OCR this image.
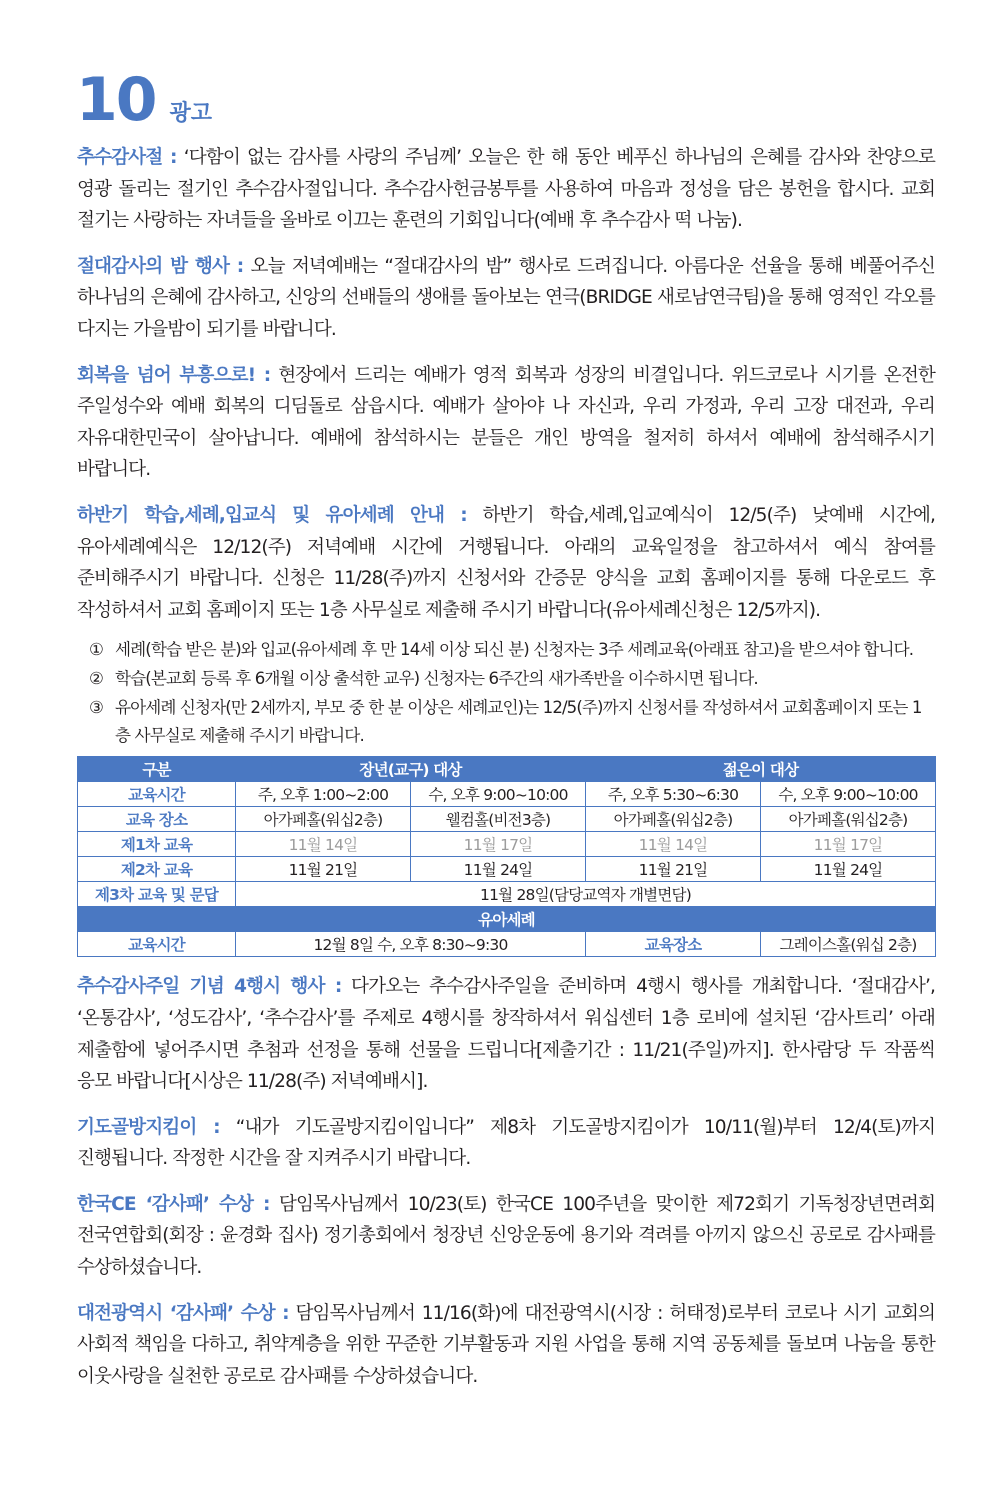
10 광고

추수감사절 : ‘다함이 없는 감사를 사랑의 주님께’ 오늘은 한 해 동안 베푸신 하나님의 은혜를 감사와 찬양으로 영광 돌리는 절기인 추수감사절입니다. 추수감사헌금봉투를 사용하여 마음과 정성을 담은 봉헌을 합시다. 교회 절기는 사랑하는 자녀들을 올바로 이끄는 훈련의 기회입니다(예배 후 추수감사 떡 나눔).

절대감사의 밤 행사 : 오늘 저녁예배는 “절대감사의 밤” 행사로 드려집니다. 아름다운 선율을 통해 베풀어주신 하나님의 은혜에 감사하고, 신앙의 선배들의 생애를 돌아보는 연극(BRIDGE 새로남연극팀)을 통해 영적인 각오를 다지는 가을밤이 되기를 바랍니다.

회복을 넘어 부흥으로! : 현장에서 드리는 예배가 영적 회복과 성장의 비결입니다. 위드코로나 시기를 온전한 주일성수와 예배 회복의 디딤돌로 삼읍시다. 예배가 살아야 나 자신과, 우리 가정과, 우리 고장 대전과, 우리 자유대한민국이 살아납니다. 예배에 참석하시는 분들은 개인 방역을 철저히 하셔서 예배에 참석해주시기 바랍니다.

하반기 학습,세례,입교식 및 유아세례 안내 : 하반기 학습,세례,입교예식이 12/5(주) 낮예배 시간에, 유아세례예식은 12/12(주) 저녁예배 시간에 거행됩니다. 아래의 교육일정을 참고하셔서 예식 참여를 준비해주시기 바랍니다. 신청은 11/28(주)까지 신청서와 간증문 양식을 교회 홈페이지를 통해 다운로드 후 작성하셔서 교회 홈페이지 또는 1층 사무실로 제출해 주시기 바랍니다(유아세례신청은 12/5까지).

① 세례(학습 받은 분)와 입교(유아세례 후 만 14세 이상 되신 분) 신청자는 3주 세례교육(아래표 참고)을 받으셔야 합니다.
② 학습(본교회 등록 후 6개월 이상 출석한 교우) 신청자는 6주간의 새가족반을 이수하시면 됩니다.
③ 유아세례 신청자(만 2세까지, 부모 중 한 분 이상은 세례교인)는 12/5(주)까지 신청서를 작성하셔서 교회홈페이지 또는 1층 사무실로 제출해 주시기 바랍니다.
구분	장년(교구) 대상		젊은이 대상	
교육시간	주, 오후 1:00~2:00	수, 오후 9:00~10:00	주, 오후 5:30~6:30	수, 오후 9:00~10:00
교육 장소	아가페홀(워십2층)	웰컴홀(비전3층)	아가페홀(워십2층)	아가페홀(워십2층)
제1차 교육	11월 14일	11월 17일	11월 14일	11월 17일
제2차 교육	11월 21일	11월 24일	11월 21일	11월 24일
제3차 교육 및 문답	11월 28일(담당교역자 개별면담)			
유아세례				
교육시간	12월 8일 수, 오후 8:30~9:30		교육장소	그레이스홀(워십 2층)

추수감사주일 기념 4행시 행사 : 다가오는 추수감사주일을 준비하며 4행시 행사를 개최합니다. ‘절대감사’, ‘온통감사’, ‘성도감사’, ‘추수감사’를 주제로 4행시를 창작하셔서 워십센터 1층 로비에 설치된 ‘감사트리’ 아래 제출함에 넣어주시면 추첨과 선정을 통해 선물을 드립니다[제출기간 : 11/21(주일)까지]. 한사람당 두 작품씩 응모 바랍니다[시상은 11/28(주) 저녁예배시].

기도골방지킴이 : “내가 기도골방지킴이입니다” 제8차 기도골방지킴이가 10/11(월)부터 12/4(토)까지 진행됩니다. 작정한 시간을 잘 지켜주시기 바랍니다.

한국CE ‘감사패’ 수상 : 담임목사님께서 10/23(토) 한국CE 100주년을 맞이한 제72회기 기독청장년면려회 전국연합회(회장 : 윤경화 집사) 정기총회에서 청장년 신앙운동에 용기와 격려를 아끼지 않으신 공로로 감사패를 수상하셨습니다.

대전광역시 ‘감사패’ 수상 : 담임목사님께서 11/16(화)에 대전광역시(시장 : 허태정)로부터 코로나 시기 교회의 사회적 책임을 다하고, 취약계층을 위한 꾸준한 기부활동과 지원 사업을 통해 지역 공동체를 돌보며 나눔을 통한 이웃사랑을 실천한 공로로 감사패를 수상하셨습니다.
